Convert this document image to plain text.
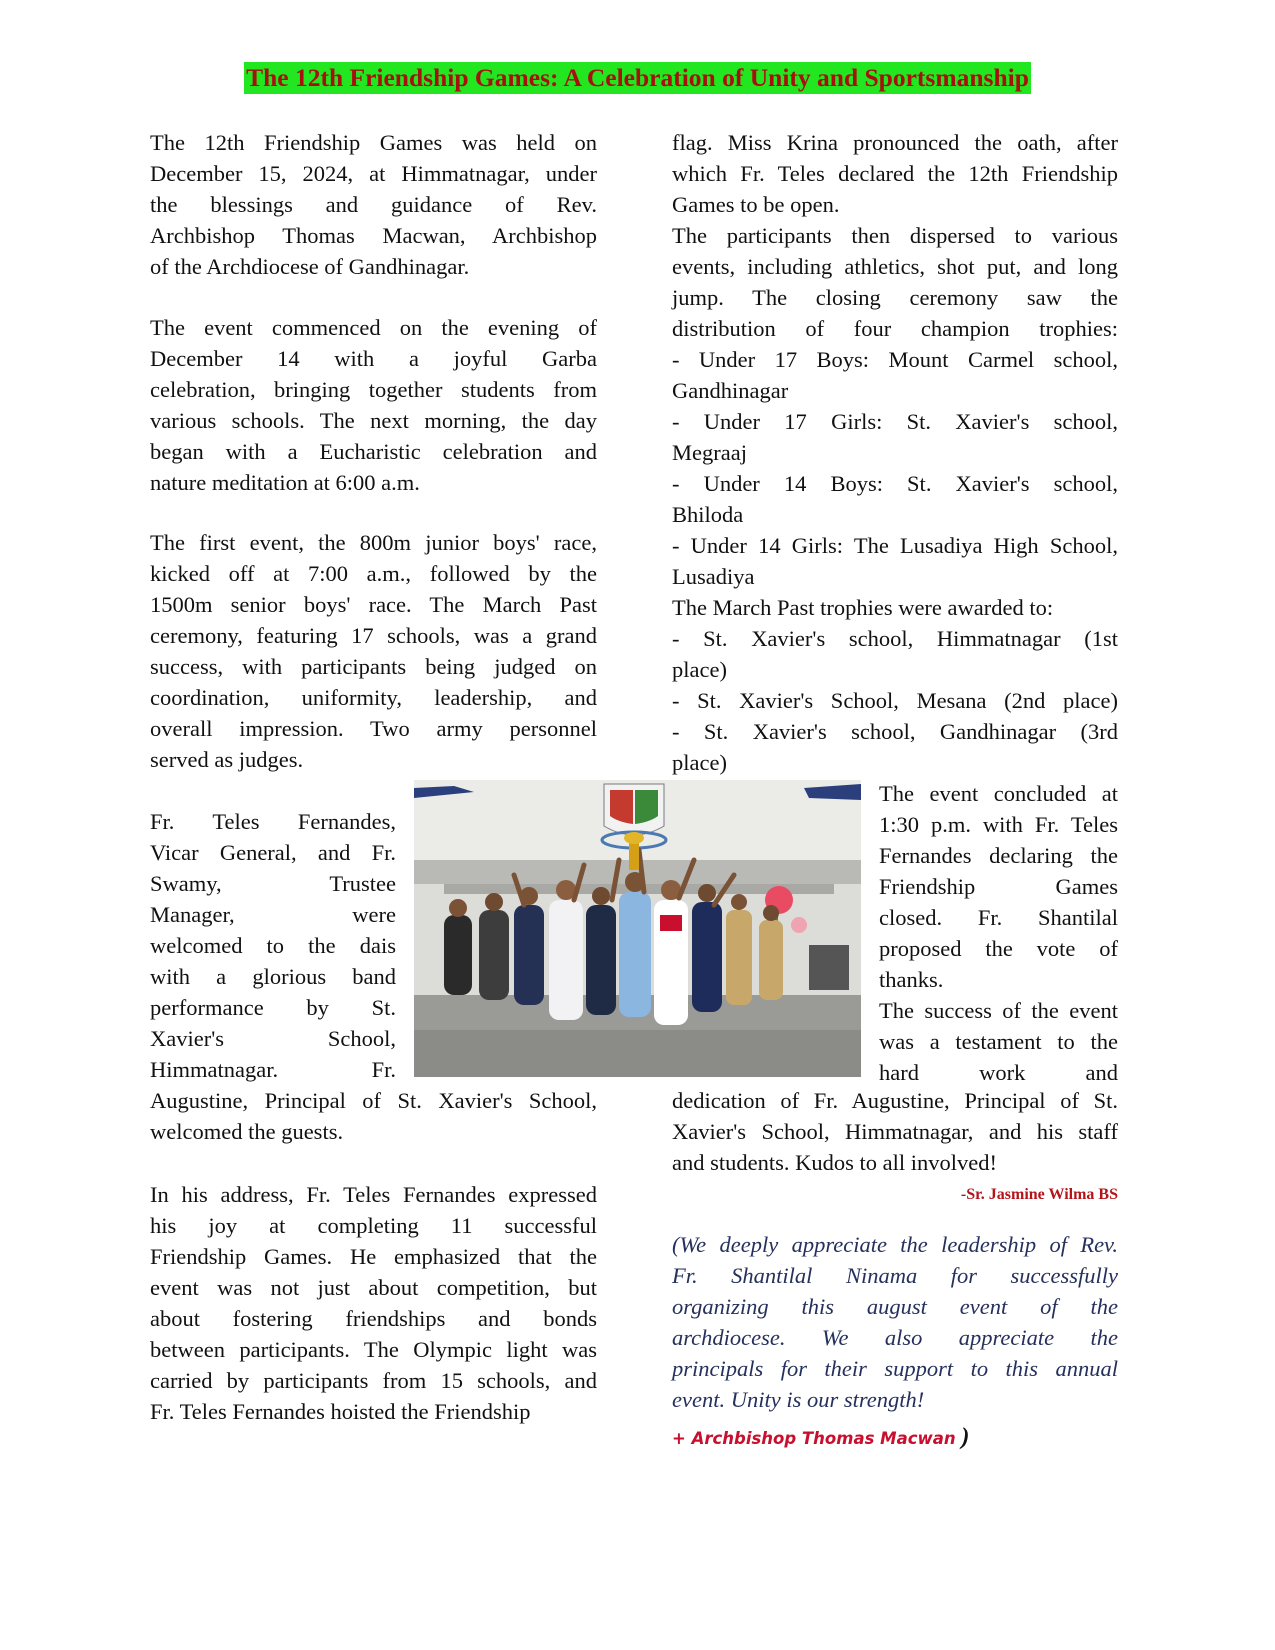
The 12th Friendship Games: A Celebration of Unity and Sportsmanship
The 12th Friendship Games was held on
December 15, 2024, at Himmatnagar, under
the blessings and guidance of Rev.
Archbishop Thomas Macwan, Archbishop
of the Archdiocese of Gandhinagar.
The event commenced on the evening of
December 14 with a joyful Garba
celebration, bringing together students from
various schools. The next morning, the day
began with a Eucharistic celebration and
nature meditation at 6:00 a.m.
The first event, the 800m junior boys' race,
kicked off at 7:00 a.m., followed by the
1500m senior boys' race. The March Past
ceremony, featuring 17 schools, was a grand
success, with participants being judged on
coordination, uniformity, leadership, and
overall impression. Two army personnel
served as judges.
Fr. Teles Fernandes,
Vicar General, and Fr.
Swamy, Trustee
Manager, were
welcomed to the dais
with a glorious band
performance by St.
Xavier's School,
Himmatnagar. Fr.
Augustine, Principal of St. Xavier's School,
welcomed the guests.
In his address, Fr. Teles Fernandes expressed
his joy at completing 11 successful
Friendship Games. He emphasized that the
event was not just about competition, but
about fostering friendships and bonds
between participants. The Olympic light was
carried by participants from 15 schools, and
Fr. Teles Fernandes hoisted the Friendship
flag. Miss Krina pronounced the oath, after
which Fr. Teles declared the 12th Friendship
Games to be open.
The participants then dispersed to various
events, including athletics, shot put, and long
jump. The closing ceremony saw the
distribution of four champion trophies:
- Under 17 Boys: Mount Carmel school,
Gandhinagar
- Under 17 Girls: St. Xavier's school,
Megraaj
- Under 14 Boys: St. Xavier's school,
Bhiloda
- Under 14 Girls: The Lusadiya High School,
Lusadiya
The March Past trophies were awarded to:
- St. Xavier's school, Himmatnagar (1st
place)
- St. Xavier's School, Mesana (2nd place)
- St. Xavier's school, Gandhinagar (3rd
place)
The event concluded at
1:30 p.m. with Fr. Teles
Fernandes declaring the
Friendship Games
closed. Fr. Shantilal
proposed the vote of
thanks.
The success of the event
was a testament to the
hard work and
dedication of Fr. Augustine, Principal of St.
Xavier's School, Himmatnagar, and his staff
and students. Kudos to all involved!
-Sr. Jasmine Wilma BS
(We deeply appreciate the leadership of Rev.
Fr. Shantilal Ninama for successfully
organizing this august event of the
archdiocese. We also appreciate the
principals for their support to this annual
event. Unity is our strength!
+ Archbishop Thomas Macwan )
